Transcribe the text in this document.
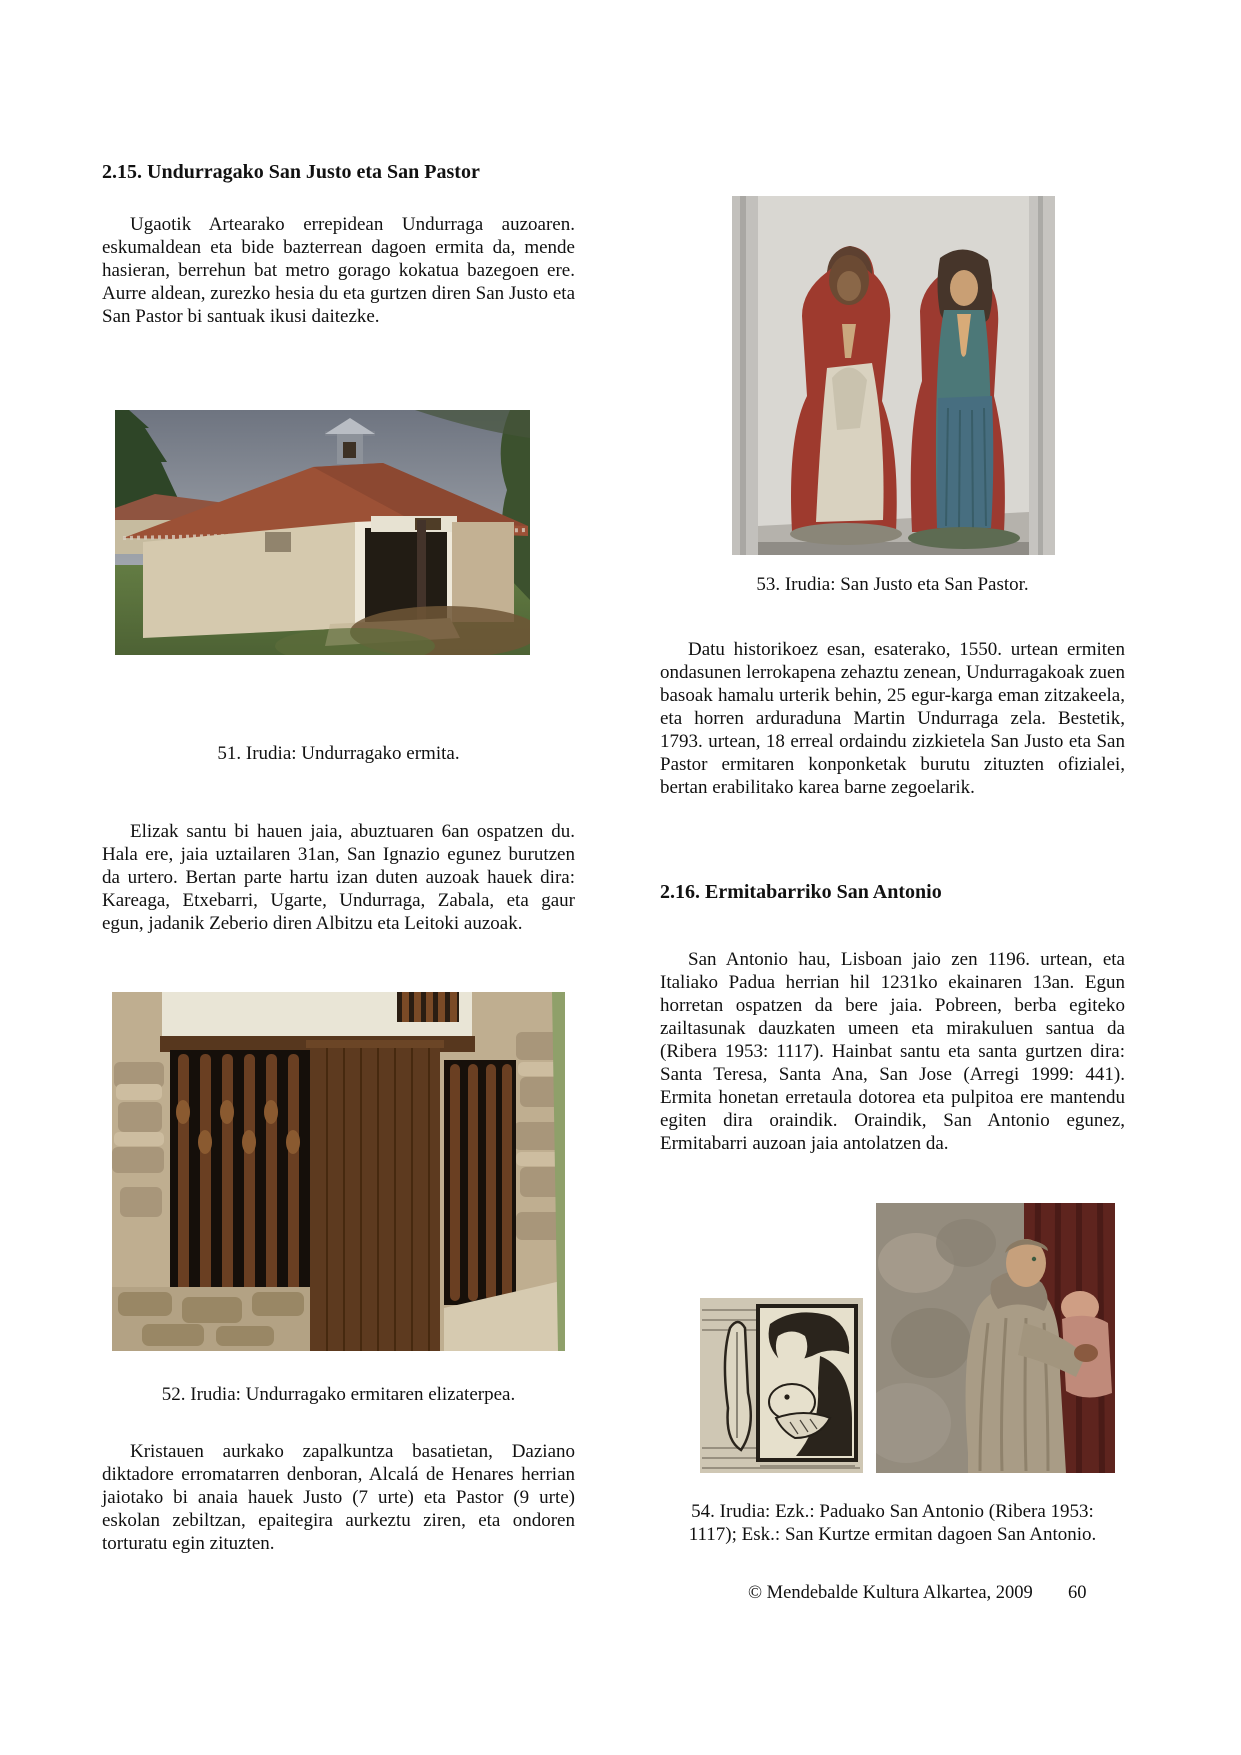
2.15. Undurragako San Justo eta San Pastor

Ugaotik Artearako errepidean Undurraga auzoaren. eskumaldean eta bide bazterrean dagoen ermita da, mende hasieran, berrehun bat metro gorago kokatua bazegoen ere. Aurre aldean, zurezko hesia du eta gurtzen diren San Justo eta San Pastor bi santuak ikusi daitezke.

51. Irudia: Undurragako ermita.

Elizak santu bi hauen jaia, abuztuaren 6an ospatzen du. Hala ere, jaia uztailaren 31an, San Ignazio egunez burutzen da urtero. Bertan parte hartu izan duten auzoak hauek dira: Kareaga, Etxebarri, Ugarte, Undurraga, Zabala, eta gaur egun, jadanik Zeberio diren Albitzu eta Leitoki auzoak.

52. Irudia: Undurragako ermitaren elizaterpea.

Kristauen aurkako zapalkuntza basatietan, Daziano diktadore erromatarren denboran, Alcalá de Henares herrian jaiotako bi anaia hauek Justo (7 urte) eta Pastor (9 urte) eskolan zebiltzan, epaitegira aurkeztu ziren, eta ondoren torturatu egin zituzten.

53. Irudia: San Justo eta San Pastor.

Datu historikoez esan, esaterako, 1550. urtean ermiten ondasunen lerrokapena zehaztu zenean, Undurragakoak zuen basoak hamalu urterik behin, 25 egur-karga eman zitzakeela, eta horren arduraduna Martin Undurraga zela. Bestetik, 1793. urtean, 18 erreal ordaindu zizkietela San Justo eta San Pastor ermitaren konponketak burutu zituzten ofizialei, bertan erabilitako karea barne zegoelarik.

2.16. Ermitabarriko San Antonio

San Antonio hau, Lisboan jaio zen 1196. urtean, eta Italiako Padua herrian hil 1231ko ekainaren 13an. Egun horretan ospatzen da bere jaia. Pobreen, berba egiteko zailtasunak dauzkaten umeen eta mirakuluen santua da (Ribera 1953: 1117). Hainbat santu eta santa gurtzen dira: Santa Teresa, Santa Ana, San Jose (Arregi 1999: 441). Ermita honetan erretaula dotorea eta pulpitoa ere mantendu egiten dira oraindik. Oraindik, San Antonio egunez, Ermitabarri auzoan jaia antolatzen da.

54. Irudia: Ezk.: Paduako San Antonio (Ribera 1953:
1117); Esk.: San Kurtze ermitan dagoen San Antonio.
© Mendebalde Kultura Alkartea, 2009 60
